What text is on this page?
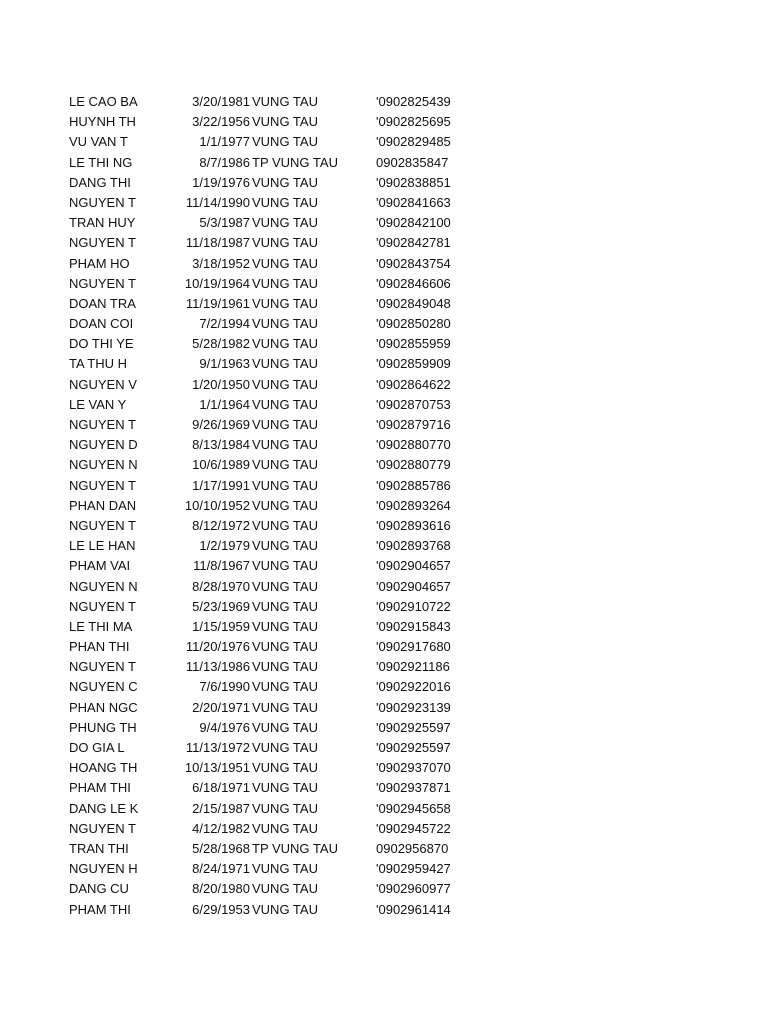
LE CAO BA	3/20/1981 VUNG TAU	'0902825439
HUYNH TH	3/22/1956 VUNG TAU	'0902825695
VU VAN T	1/1/1977 VUNG TAU	'0902829485
LE THI NG	8/7/1986 TP VUNG TAU	0902835847
DANG THI	1/19/1976 VUNG TAU	'0902838851
NGUYEN T	11/14/1990 VUNG TAU	'0902841663
TRAN HUY	5/3/1987 VUNG TAU	'0902842100
NGUYEN T	11/18/1987 VUNG TAU	'0902842781
PHAM HO	3/18/1952 VUNG TAU	'0902843754
NGUYEN T	10/19/1964 VUNG TAU	'0902846606
DOAN TRA	11/19/1961 VUNG TAU	'0902849048
DOAN COI	7/2/1994 VUNG TAU	'0902850280
DO THI YE	5/28/1982 VUNG TAU	'0902855959
TA THU H	9/1/1963 VUNG TAU	'0902859909
NGUYEN V	1/20/1950 VUNG TAU	'0902864622
LE VAN Y	1/1/1964 VUNG TAU	'0902870753
NGUYEN T	9/26/1969 VUNG TAU	'0902879716
NGUYEN D	8/13/1984 VUNG TAU	'0902880770
NGUYEN N	10/6/1989 VUNG TAU	'0902880779
NGUYEN T	1/17/1991 VUNG TAU	'0902885786
PHAN DAN	10/10/1952 VUNG TAU	'0902893264
NGUYEN T	8/12/1972 VUNG TAU	'0902893616
LE LE HAN	1/2/1979 VUNG TAU	'0902893768
PHAM VAI	11/8/1967 VUNG TAU	'0902904657
NGUYEN N	8/28/1970 VUNG TAU	'0902904657
NGUYEN T	5/23/1969 VUNG TAU	'0902910722
LE THI MA	1/15/1959 VUNG TAU	'0902915843
PHAN THI	11/20/1976 VUNG TAU	'0902917680
NGUYEN T	11/13/1986 VUNG TAU	'0902921186
NGUYEN C	7/6/1990 VUNG TAU	'0902922016
PHAN NGC	2/20/1971 VUNG TAU	'0902923139
PHUNG TH	9/4/1976 VUNG TAU	'0902925597
DO GIA L	11/13/1972 VUNG TAU	'0902925597
HOANG TH	10/13/1951 VUNG TAU	'0902937070
PHAM THI	6/18/1971 VUNG TAU	'0902937871
DANG LE K	2/15/1987 VUNG TAU	'0902945658
NGUYEN T	4/12/1982 VUNG TAU	'0902945722
TRAN THI	5/28/1968 TP VUNG TAU	0902956870
NGUYEN H	8/24/1971 VUNG TAU	'0902959427
DANG CU	8/20/1980 VUNG TAU	'0902960977
PHAM THI	6/29/1953 VUNG TAU	'0902961414
